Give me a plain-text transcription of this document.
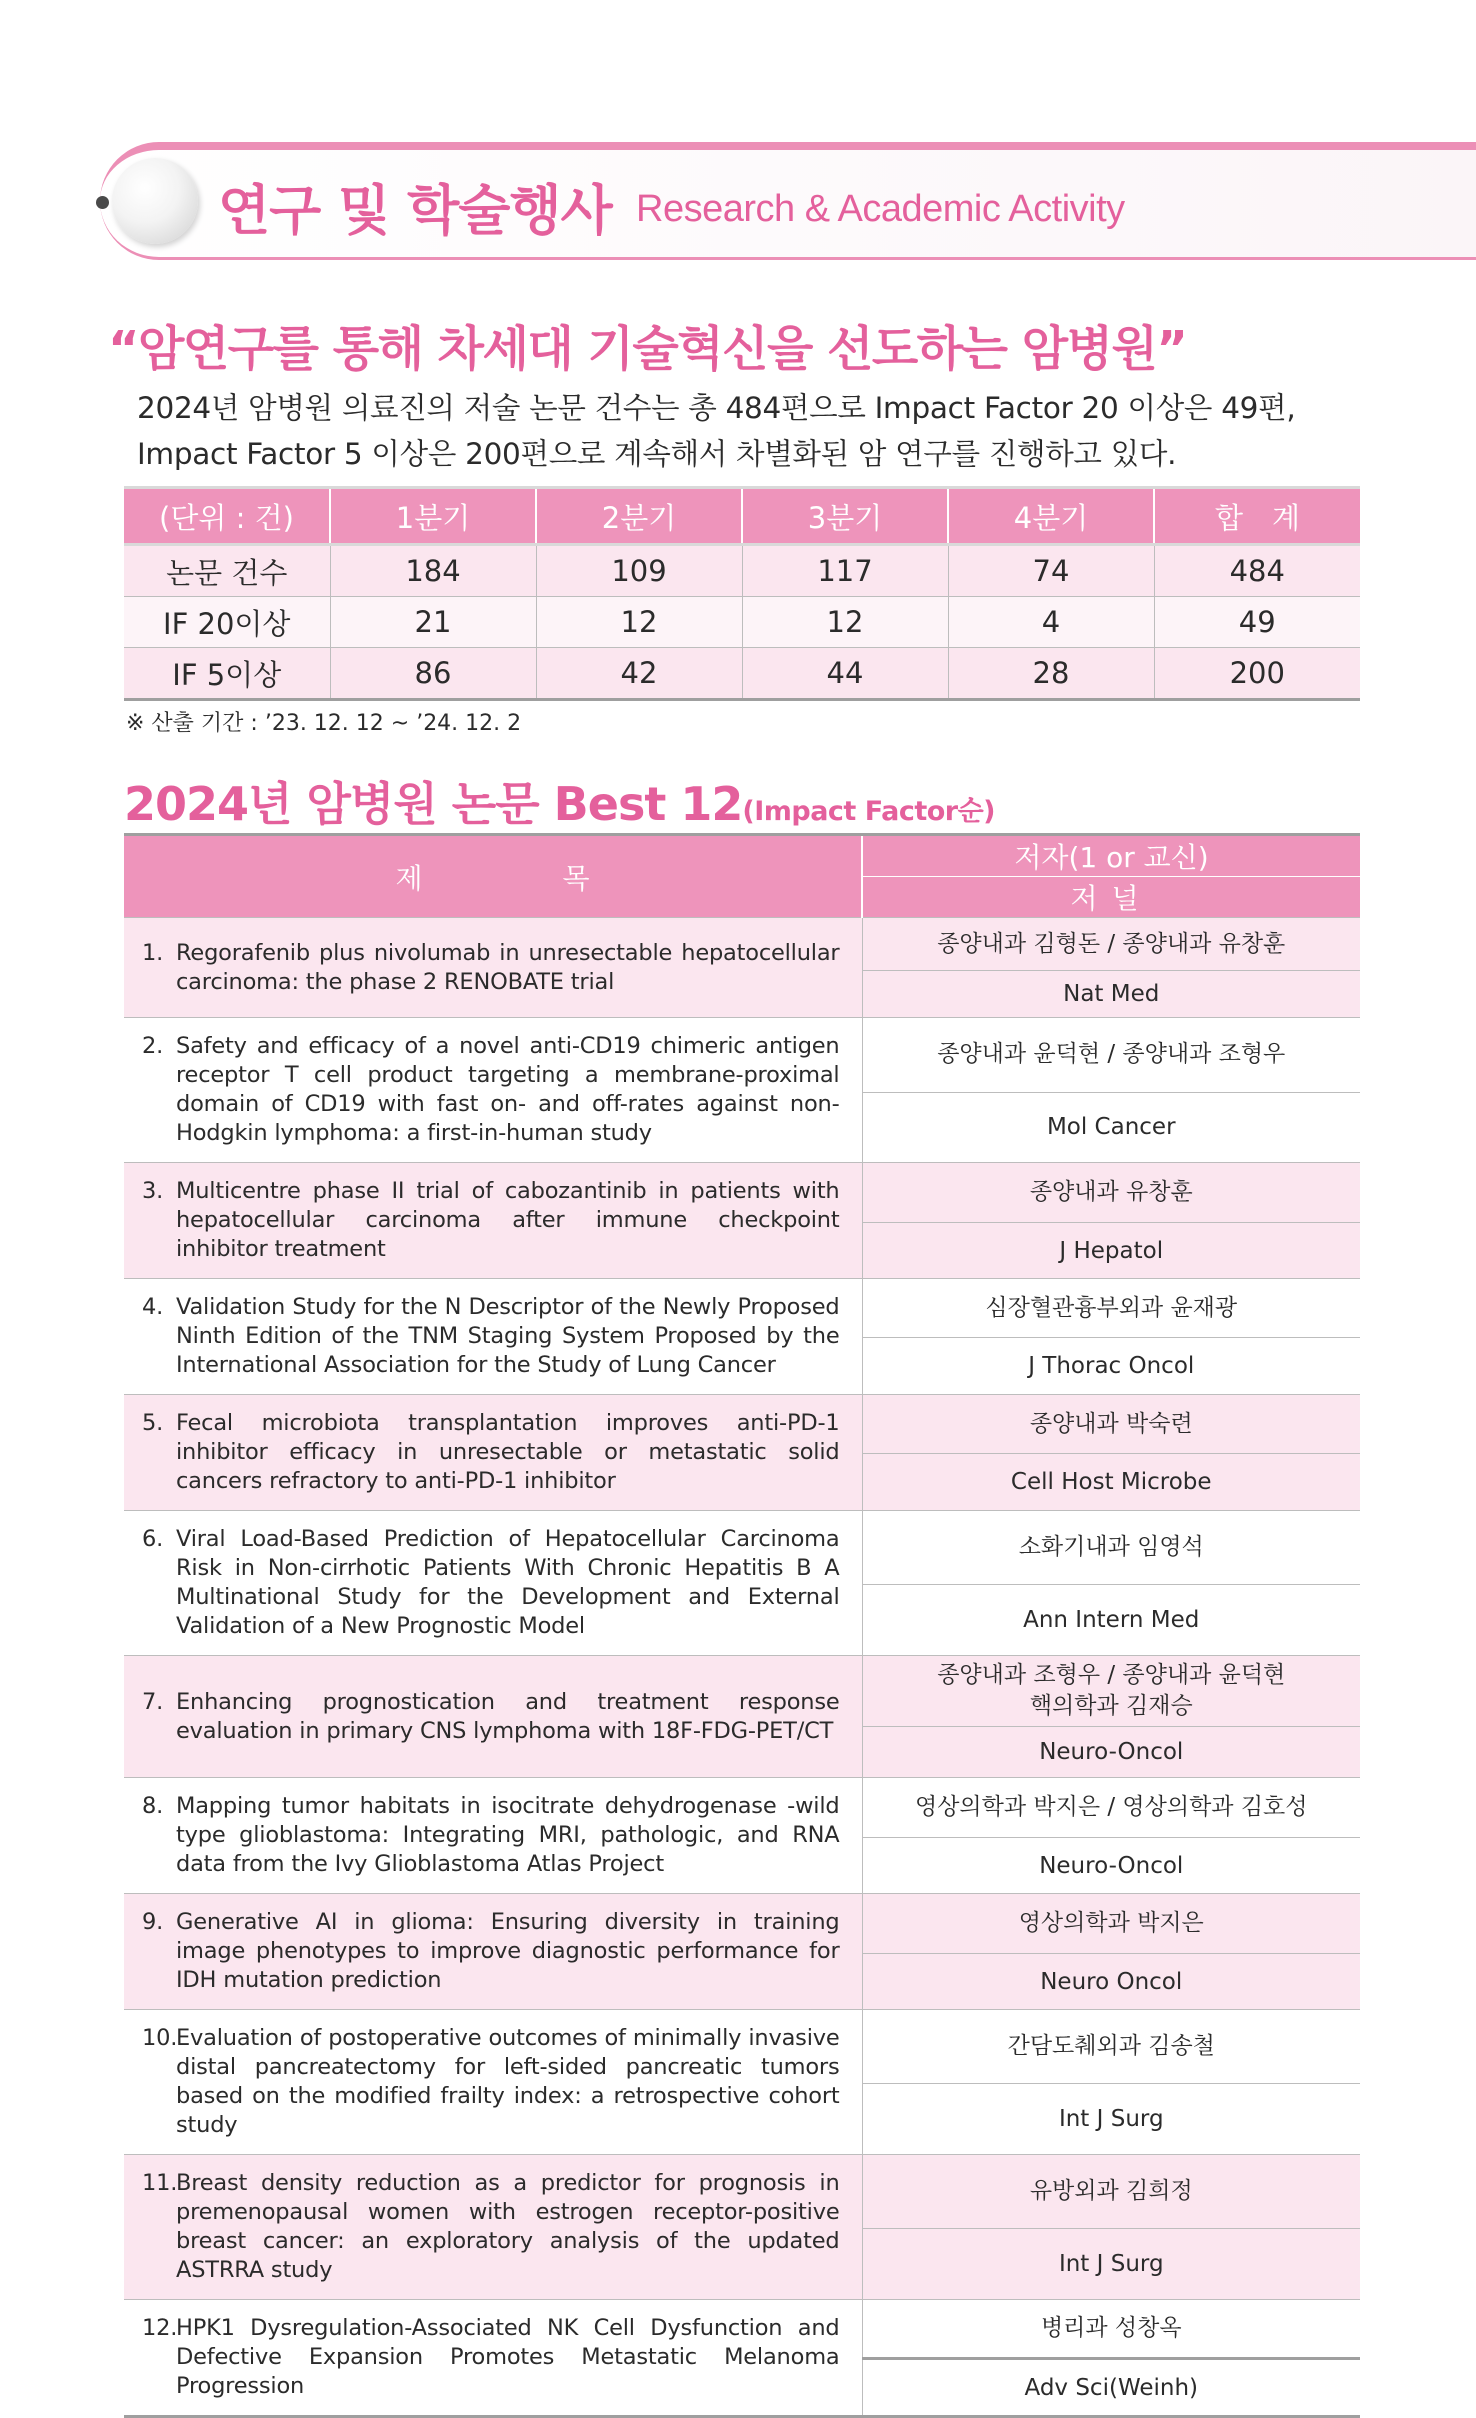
연구 및 학술행사 Research & Academic Activity
“암연구를 통해 차세대 기술혁신을 선도하는 암병원”
2024년 암병원 의료진의 저술 논문 건수는 총 484편으로 Impact Factor 20 이상은 49편,
Impact Factor 5 이상은 200편으로 계속해서 차별화된 암 연구를 진행하고 있다.
(단위 : 건)	1분기	2분기	3분기	4분기	합　계
논문 건수	184	109	117	74	484
IF 20이상	21	12	12	4	49
IF 5이상	86	42	44	28	200
※ 산출 기간 : ’23. 12. 12 ~ ’24. 12. 2
2024년 암병원 논문 Best 12(Impact Factor순)
제　　　　　목	저자(1 or 교신)
	저널
1. Regorafenib plus nivolumab in unresectable hepatocellular carcinoma: the phase 2 RENOBATE trial	종양내과 김형돈 / 종양내과 유창훈

	Nat Med
2. Safety and efficacy of a novel anti-CD19 chimeric antigen receptor T cell product targeting a membrane-proximal domain of CD19 with fast on- and off-rates against non-Hodgkin lymphoma: a first-in-human study	종양내과 윤덕현 / 종양내과 조형우

	Mol Cancer
3. Multicentre phase II trial of cabozantinib in patients with hepatocellular carcinoma after immune checkpoint inhibitor treatment	종양내과 유창훈

	J Hepatol
4. Validation Study for the N Descriptor of the Newly Proposed Ninth Edition of the TNM Staging System Proposed by the International Association for the Study of Lung Cancer	심장혈관흉부외과 윤재광

	J Thorac Oncol
5. Fecal microbiota transplantation improves anti-PD-1 inhibitor efficacy in unresectable or metastatic solid cancers refractory to anti-PD-1 inhibitor	종양내과 박숙련

	Cell Host Microbe
6. Viral Load-Based Prediction of Hepatocellular Carcinoma Risk in Non-cirrhotic Patients With Chronic Hepatitis B A Multinational Study for the Development and External Validation of a New Prognostic Model	소화기내과 임영석

	Ann Intern Med
7. Enhancing prognostication and treatment response evaluation in primary CNS lymphoma with 18F-FDG-PET/CT	종양내과 조형우 / 종양내과 윤덕현
핵의학과 김재승

	Neuro-Oncol
8. Mapping tumor habitats in isocitrate dehydrogenase -wild type glioblastoma: Integrating MRI, pathologic, and RNA data from the Ivy Glioblastoma Atlas Project	영상의학과 박지은 / 영상의학과 김호성

	Neuro-Oncol
9. Generative AI in glioma: Ensuring diversity in training image phenotypes to improve diagnostic performance for IDH mutation prediction	영상의학과 박지은

	Neuro Oncol
10.Evaluation of postoperative outcomes of minimally invasive distal pancreatectomy for left-sided pancreatic tumors based on the modified frailty index: a retrospective cohort study	간담도췌외과 김송철

	Int J Surg
11.Breast density reduction as a predictor for prognosis in premenopausal women with estrogen receptor-positive breast cancer: an exploratory analysis of the updated ASTRRA study	유방외과 김희정

	Int J Surg
12.HPK1 Dysregulation-Associated NK Cell Dysfunction and Defective Expansion Promotes Metastatic Melanoma Progression	병리과 성창옥

	Adv Sci(Weinh)
